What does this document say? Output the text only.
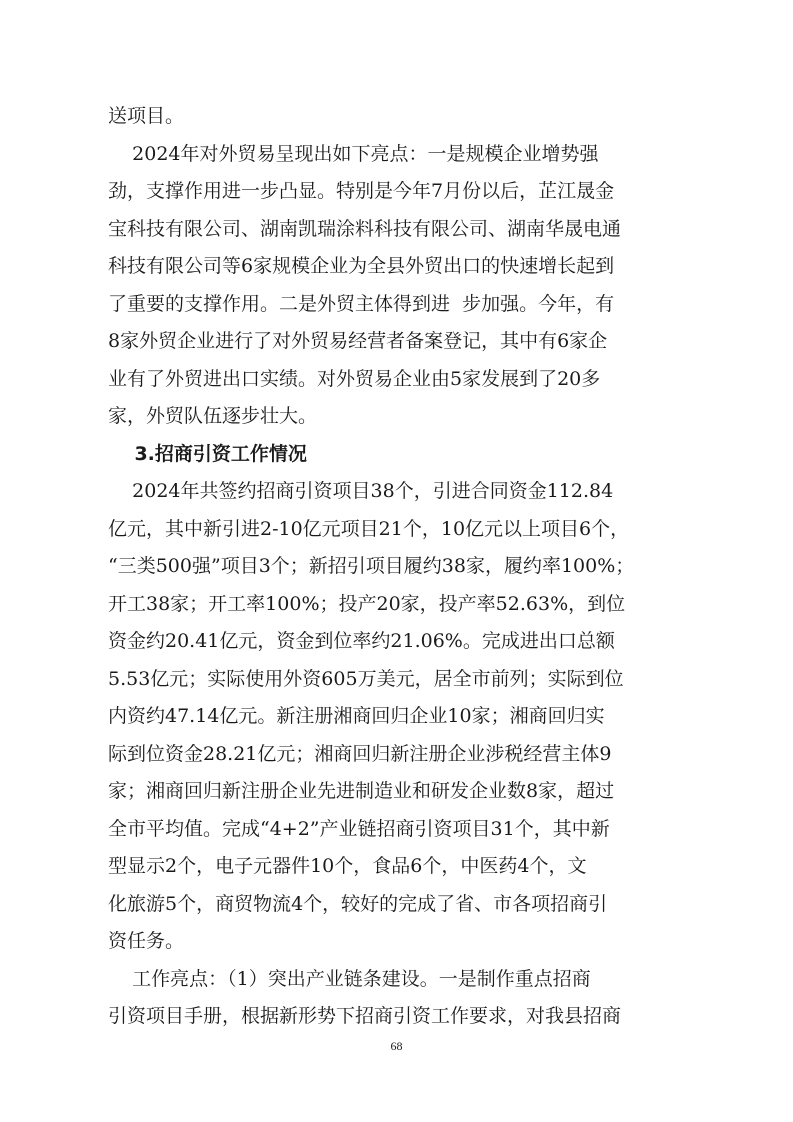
送项目。
2024年对外贸易呈现出如下亮点：一是规模企业增势强
劲，支撑作用进一步凸显。特别是今年7月份以后，芷江晟金
宝科技有限公司、湖南凯瑞涂料科技有限公司、湖南华晟电通
科技有限公司等6家规模企业为全县外贸出口的快速增长起到
了重要的支撑作用。二是外贸主体得到进  步加强。今年，有
8家外贸企业进行了对外贸易经营者备案登记，其中有6家企
业有了外贸进出口实绩。对外贸易企业由5家发展到了20多
家，外贸队伍逐步壮大。
3.招商引资工作情况
2024年共签约招商引资项目38个，引进合同资金112.84
亿元，其中新引进2-10亿元项目21个，10亿元以上项目6个，
“三类500强”项目3个；新招引项目履约38家，履约率100%；
开工38家；开工率100%；投产20家，投产率52.63%，到位
资金约20.41亿元，资金到位率约21.06%。完成进出口总额
5.53亿元；实际使用外资605万美元，居全市前列；实际到位
内资约47.14亿元。新注册湘商回归企业10家；湘商回归实
际到位资金28.21亿元；湘商回归新注册企业涉税经营主体9
家；湘商回归新注册企业先进制造业和研发企业数8家，超过
全市平均值。完成“4+2”产业链招商引资项目31个，其中新
型显示2个，电子元器件10个，食品6个，中医药4个，文
化旅游5个，商贸物流4个，较好的完成了省、市各项招商引
资任务。
工作亮点：（1）突出产业链条建设。一是制作重点招商
引资项目手册，根据新形势下招商引资工作要求，对我县招商
68
